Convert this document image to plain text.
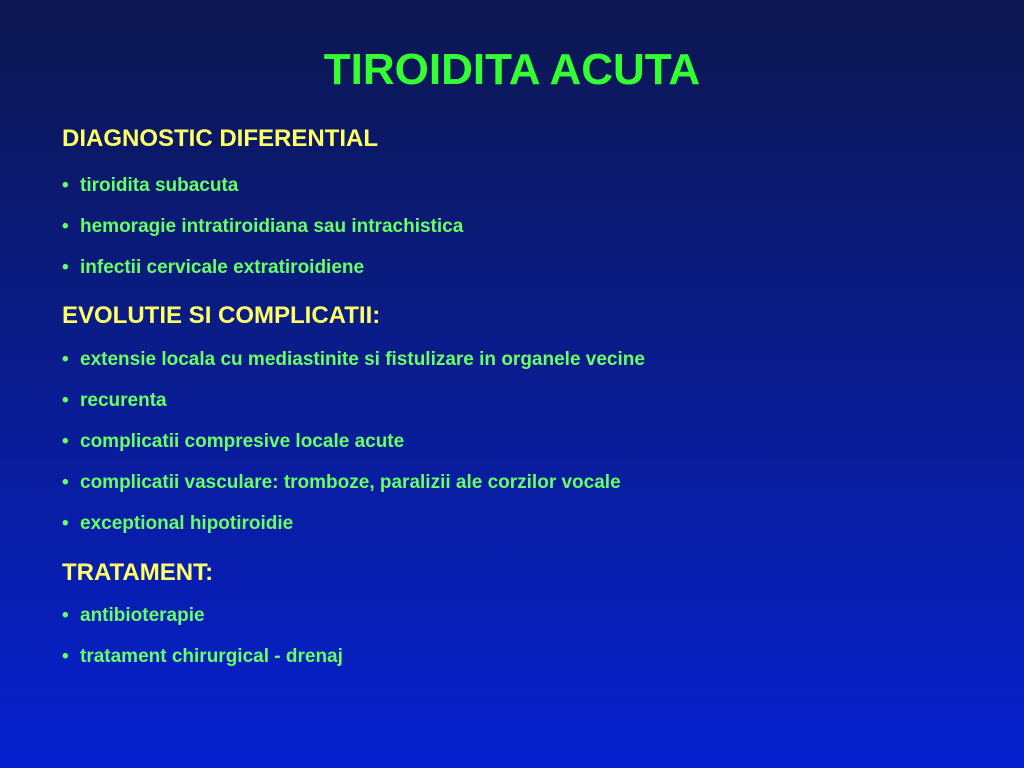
TIROIDITA ACUTA

DIAGNOSTIC DIFERENTIAL

• tiroidita subacuta

• hemoragie intratiroidiana sau intrachistica

• infectii cervicale extratiroidiene

EVOLUTIE SI COMPLICATII:

• extensie locala cu mediastinite si fistulizare in organele vecine

• recurenta

• complicatii compresive locale acute

• complicatii vasculare: tromboze, paralizii ale corzilor vocale

• exceptional hipotiroidie

TRATAMENT:

• antibioterapie

• tratament chirurgical - drenaj
